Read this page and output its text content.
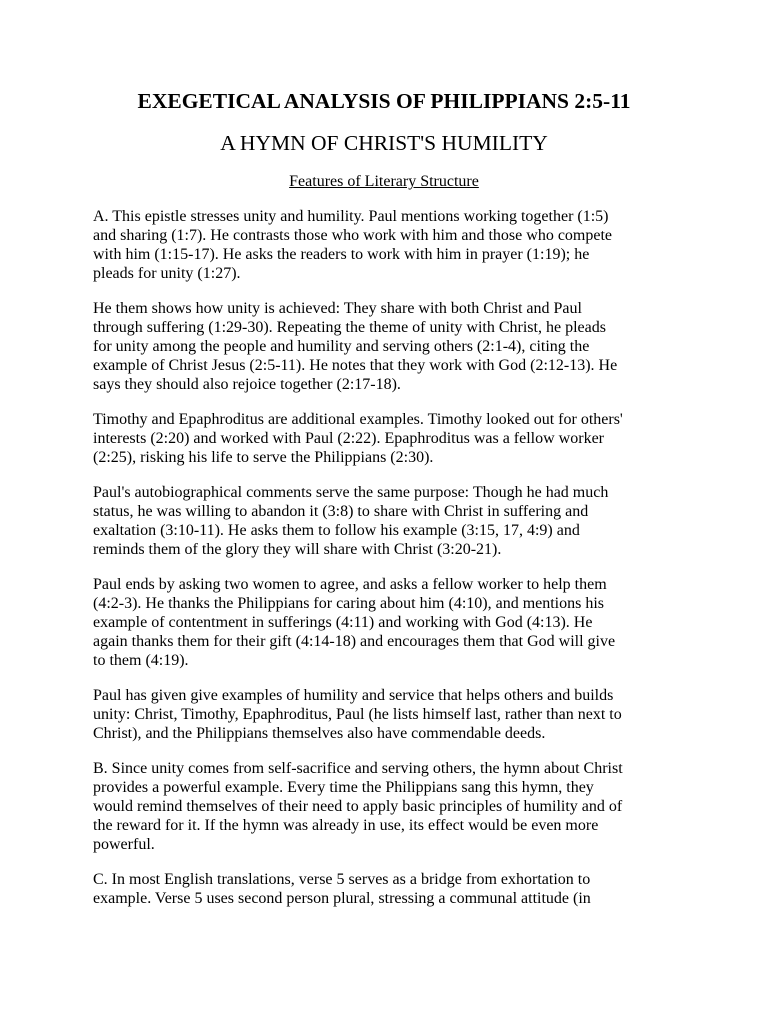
EXEGETICAL ANALYSIS OF PHILIPPIANS 2:5-11
A HYMN OF CHRIST'S HUMILITY
Features of Literary Structure

A. This epistle stresses unity and humility. Paul mentions working together (1:5)
and sharing (1:7). He contrasts those who work with him and those who compete
with him (1:15-17). He asks the readers to work with him in prayer (1:19); he
pleads for unity (1:27).

He them shows how unity is achieved: They share with both Christ and Paul
through suffering (1:29-30). Repeating the theme of unity with Christ, he pleads
for unity among the people and humility and serving others (2:1-4), citing the
example of Christ Jesus (2:5-11). He notes that they work with God (2:12-13). He
says they should also rejoice together (2:17-18).

Timothy and Epaphroditus are additional examples. Timothy looked out for others'
interests (2:20) and worked with Paul (2:22). Epaphroditus was a fellow worker
(2:25), risking his life to serve the Philippians (2:30).

Paul's autobiographical comments serve the same purpose: Though he had much
status, he was willing to abandon it (3:8) to share with Christ in suffering and
exaltation (3:10-11). He asks them to follow his example (3:15, 17, 4:9) and
reminds them of the glory they will share with Christ (3:20-21).

Paul ends by asking two women to agree, and asks a fellow worker to help them
(4:2-3). He thanks the Philippians for caring about him (4:10), and mentions his
example of contentment in sufferings (4:11) and working with God (4:13). He
again thanks them for their gift (4:14-18) and encourages them that God will give
to them (4:19).

Paul has given give examples of humility and service that helps others and builds
unity: Christ, Timothy, Epaphroditus, Paul (he lists himself last, rather than next to
Christ), and the Philippians themselves also have commendable deeds.

B. Since unity comes from self-sacrifice and serving others, the hymn about Christ
provides a powerful example. Every time the Philippians sang this hymn, they
would remind themselves of their need to apply basic principles of humility and of
the reward for it. If the hymn was already in use, its effect would be even more
powerful.

C. In most English translations, verse 5 serves as a bridge from exhortation to
example. Verse 5 uses second person plural, stressing a communal attitude (in
